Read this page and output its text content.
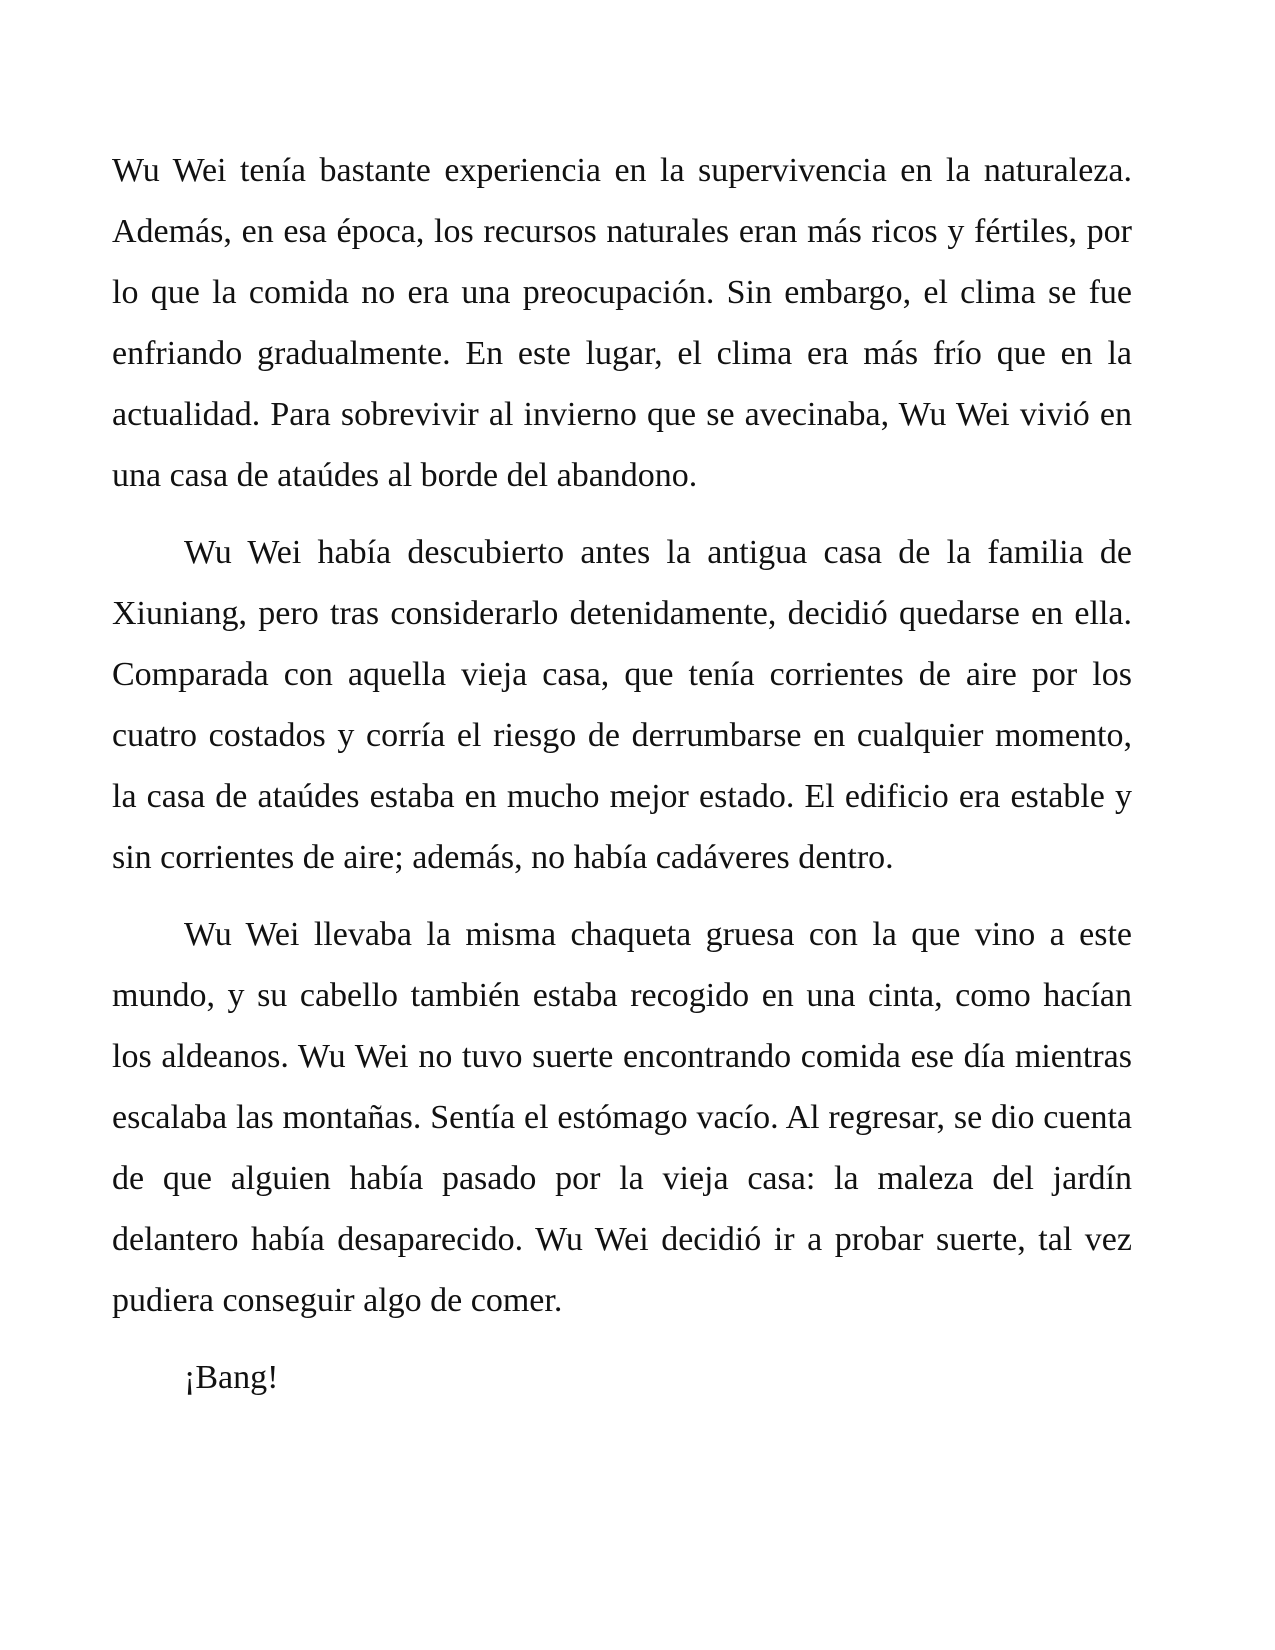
Wu Wei tenía bastante experiencia en la supervivencia en la naturaleza. Además, en esa época, los recursos naturales eran más ricos y fértiles, por lo que la comida no era una preocupación. Sin embargo, el clima se fue enfriando gradualmente. En este lugar, el clima era más frío que en la actualidad. Para sobrevivir al invierno que se avecinaba, Wu Wei vivió en una casa de ataúdes al borde del abandono.

Wu Wei había descubierto antes la antigua casa de la familia de Xiuniang, pero tras considerarlo detenidamente, decidió quedarse en ella. Comparada con aquella vieja casa, que tenía corrientes de aire por los cuatro costados y corría el riesgo de derrumbarse en cualquier momento, la casa de ataúdes estaba en mucho mejor estado. El edificio era estable y sin corrientes de aire; además, no había cadáveres dentro.

Wu Wei llevaba la misma chaqueta gruesa con la que vino a este mundo, y su cabello también estaba recogido en una cinta, como hacían los aldeanos. Wu Wei no tuvo suerte encontrando comida ese día mientras escalaba las montañas. Sentía el estómago vacío. Al regresar, se dio cuenta de que alguien había pasado por la vieja casa: la maleza del jardín delantero había desaparecido. Wu Wei decidió ir a probar suerte, tal vez pudiera conseguir algo de comer.

¡Bang!
